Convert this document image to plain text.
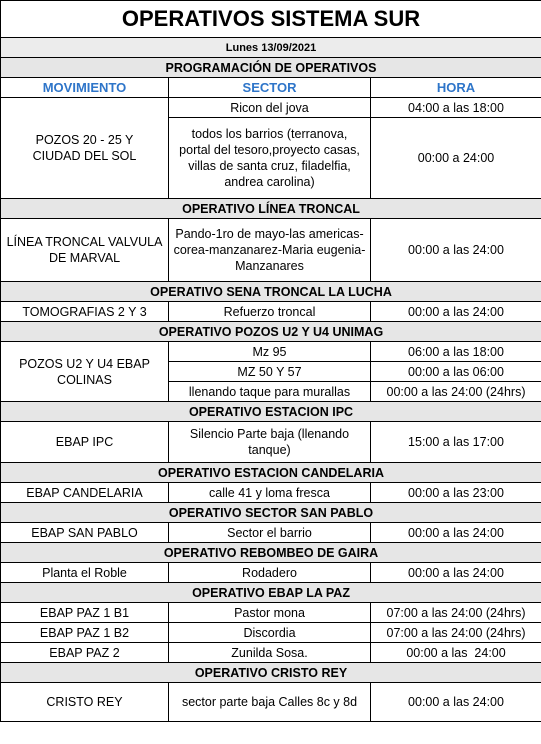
OPERATIVOS SISTEMA SUR		
Lunes 13/09/2021		
PROGRAMACIÓN DE OPERATIVOS		
MOVIMIENTO	SECTOR	HORA
POZOS 20 - 25 Y CIUDAD DEL SOL	Ricon del jova	04:00 a las 18:00
	todos los barrios (terranova, portal del tesoro,proyecto casas, villas de santa cruz, filadelfia, andrea carolina)	00:00 a 24:00
OPERATIVO LÍNEA TRONCAL		
LÍNEA TRONCAL VALVULA DE MARVAL	Pando-1ro de mayo-las americas-corea-manzanarez-Maria eugenia-Manzanares	00:00 a las 24:00
OPERATIVO SENA TRONCAL LA LUCHA		
TOMOGRAFIAS 2 Y 3	Refuerzo troncal	00:00 a las 24:00
OPERATIVO POZOS U2 Y U4 UNIMAG		
POZOS U2 Y U4 EBAP COLINAS	Mz 95	06:00 a las 18:00
	MZ 50 Y 57	00:00 a las 06:00
	llenando taque para murallas	00:00 a las 24:00 (24hrs)
OPERATIVO ESTACION IPC		
EBAP IPC	Silencio Parte baja (llenando tanque)	15:00 a las 17:00
OPERATIVO ESTACION CANDELARIA		
EBAP CANDELARIA	calle 41 y loma fresca	00:00 a las 23:00
OPERATIVO SECTOR SAN PABLO		
EBAP SAN PABLO	Sector el barrio	00:00 a las 24:00
OPERATIVO REBOMBEO DE GAIRA		
Planta el Roble	Rodadero	00:00 a las 24:00
OPERATIVO EBAP LA PAZ		
EBAP PAZ 1 B1	Pastor mona	07:00 a las 24:00 (24hrs)
EBAP PAZ 1 B2	Discordia	07:00 a las 24:00 (24hrs)
EBAP PAZ 2	Zunilda Sosa.	00:00 a las  24:00
OPERATIVO CRISTO REY		
CRISTO REY	sector parte baja Calles 8c y 8d	00:00 a las 24:00
